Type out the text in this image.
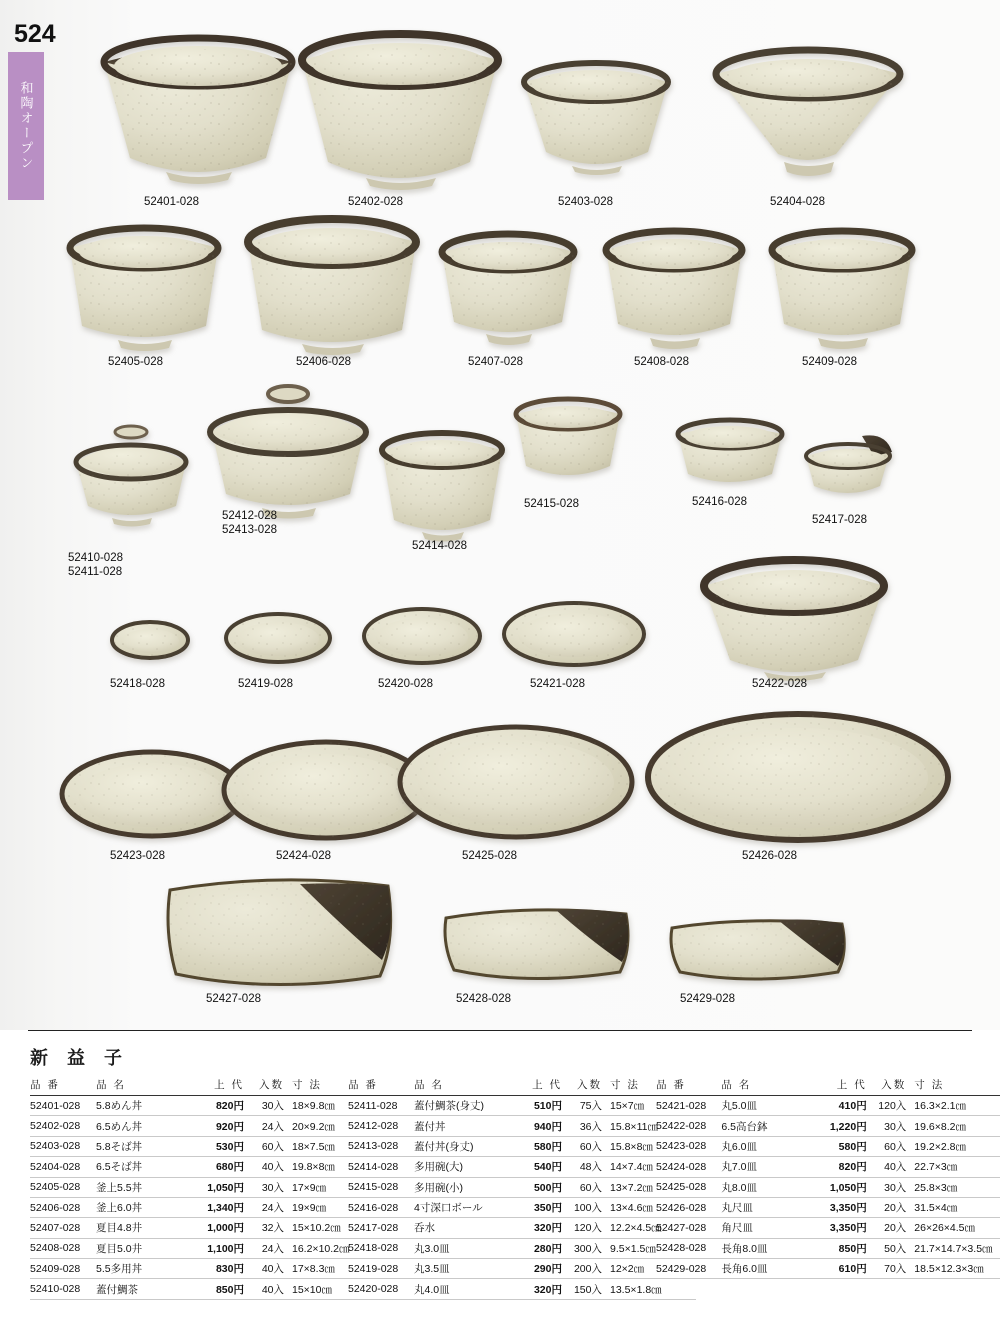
524
和陶オープン
52401-028	52402-028	52403-028	52404-028
52405-028	52406-028	52407-028	52408-028	52409-028
52410-028
52411-028
52412-028
52413-028
52414-028
52415-028	52416-028
52417-028
52418-028	52419-028	52420-028	52421-028	52422-028
52423-028	52424-028	52425-028	52426-028
52427-028	52428-028	52429-028
新 益 子
品 番	品 名	上 代	入数	寸 法
52401-028	5.8めん丼	820円	30入	18×9.8㎝
52402-028	6.5めん丼	920円	24入	20×9.2㎝
52403-028	5.8そば丼	530円	60入	18×7.5㎝
52404-028	6.5そば丼	680円	40入	19.8×8㎝
52405-028	釜上5.5丼	1,050円	30入	17×9㎝
52406-028	釜上6.0丼	1,340円	24入	19×9㎝
52407-028	夏目4.8井	1,000円	32入	15×10.2㎝
52408-028	夏目5.0井	1,100円	24入	16.2×10.2㎝
52409-028	5.5多用丼	830円	40入	17×8.3㎝
52410-028	蓋付鯛茶	850円	40入	15×10㎝
品 番	品 名	上 代	入数	寸 法
52411-028	蓋付鯛茶(身丈)	510円	75入	15×7㎝
52412-028	蓋付丼	940円	36入	15.8×11㎝
52413-028	蓋付丼(身丈)	580円	60入	15.8×8㎝
52414-028	多用碗(大)	540円	48入	14×7.4㎝
52415-028	多用碗(小)	500円	60入	13×7.2㎝
52416-028	4寸深口ボール	350円	100入	13×4.6㎝
52417-028	呑水	320円	120入	12.2×4.5㎝
52418-028	丸3.0皿	280円	300入	9.5×1.5㎝
52419-028	丸3.5皿	290円	200入	12×2㎝
52420-028	丸4.0皿	320円	150入	13.5×1.8㎝
品 番	品 名	上 代	入数	寸 法
52421-028	丸5.0皿	410円	120入	16.3×2.1㎝
52422-028	6.5高台鉢	1,220円	30入	19.6×8.2㎝
52423-028	丸6.0皿	580円	60入	19.2×2.8㎝
52424-028	丸7.0皿	820円	40入	22.7×3㎝
52425-028	丸8.0皿	1,050円	30入	25.8×3㎝
52426-028	丸尺皿	3,350円	20入	31.5×4㎝
52427-028	角尺皿	3,350円	20入	26×26×4.5㎝
52428-028	長角8.0皿	850円	50入	21.7×14.7×3.5㎝
52429-028	長角6.0皿	610円	70入	18.5×12.3×3㎝
